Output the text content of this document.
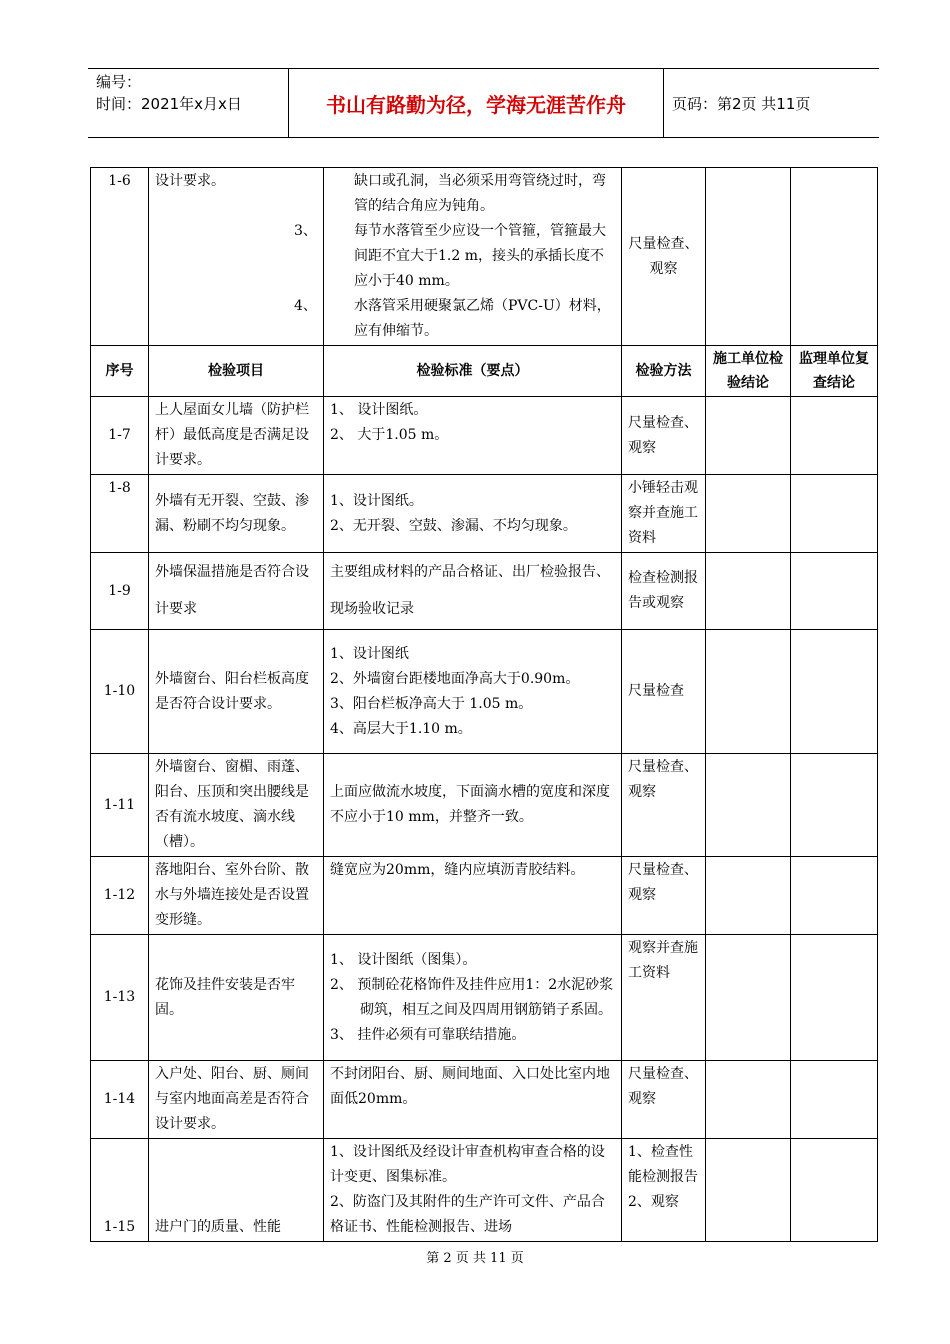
编号：
时间：2021年x月x日	书山有路勤为径，学海无涯苦作舟	页码：第2页 共11页
1-6	设计要求。	缺口或孔洞，当必须采用弯管绕过时，弯管的结合角应为钝角。
3、 每节水落管至少应设一个管箍，管箍最大间距不宜大于1.2 m，接头的承插长度不应小于40 mm。
4、 水落管采用硬聚氯乙烯（PVC-U）材料，应有伸缩节。	尺量检查、观察		
序号	检验项目	检验标准（要点）	检验方法	施工单位检验结论	监理单位复查结论
1-7	上人屋面女儿墙（防护栏杆）最低高度是否满足设计要求。	1、 设计图纸。
2、 大于1.05 m。	尺量检查、观察		
1-8	外墙有无开裂、空鼓、渗漏、粉刷不均匀现象。	1、设计图纸。
2、无开裂、空鼓、渗漏、不均匀现象。	小锤轻击观察并查施工资料		
1-9	外墙保温措施是否符合设计要求	主要组成材料的产品合格证、出厂检验报告、现场验收记录	检查检测报告或观察		
1-10	外墙窗台、阳台栏板高度是否符合设计要求。	1、设计图纸
2、外墙窗台距楼地面净高大于0.90m。
3、阳台栏板净高大于 1.05 m。
4、高层大于1.10 m。	尺量检查		
1-11	外墙窗台、窗楣、雨蓬、阳台、压顶和突出腰线是否有流水坡度、滴水线（槽）。	上面应做流水坡度，下面滴水槽的宽度和深度不应小于10 mm，并整齐一致。	尺量检查、观察		
1-12	落地阳台、室外台阶、散水与外墙连接处是否设置变形缝。	缝宽应为20mm，缝内应填沥青胶结料。	尺量检查、观察		
1-13	花饰及挂件安装是否牢固。	1、 设计图纸（图集）。
2、 预制砼花格饰件及挂件应用1：2水泥砂浆砌筑，相互之间及四周用钢筋销子系固。
3、 挂件必须有可靠联结措施。	观察并查施工资料		
1-14	入户处、阳台、厨、厕间与室内地面高差是否符合设计要求。	不封闭阳台、厨、厕间地面、入口处比室内地面低20mm。	尺量检查、观察		
1-15	进户门的质量、性能	1、设计图纸及经设计审查机构审查合格的设计变更、图集标准。
2、防盗门及其附件的生产许可文件、产品合格证书、性能检测报告、进场	1、检查性能检测报告 2、观察		
第 2 页 共 11 页
